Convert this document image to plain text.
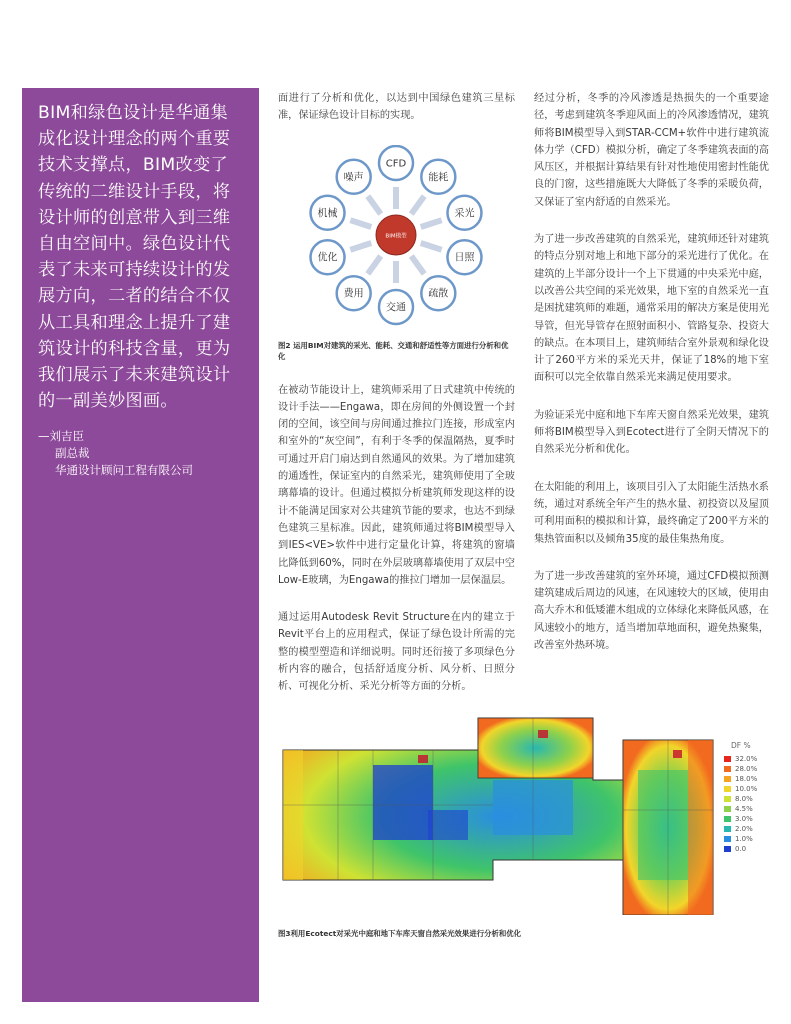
BIM和绿色设计是华通集成化设计理念的两个重要技术支撑点，BIM改变了传统的二维设计手段，将设计师的创意带入到三维自由空间中。绿色设计代表了未来可持续设计的发展方向，二者的结合不仅从工具和理念上提升了建筑设计的科技含量，更为我们展示了未来建筑设计的一副美妙图画。

—刘吉臣
副总裁
华通设计顾问工程有限公司

面进行了分析和优化，以达到中国绿色建筑三星标准，保证绿色设计目标的实现。

CFD
能耗
采光
日照
疏散
交通
费用
优化
机械
噪声
BIM模型

图2 运用BIM对建筑的采光、能耗、交通和舒适性等方面进行分析和优化

在被动节能设计上，建筑师采用了日式建筑中传统的设计手法——Engawa，即在房间的外侧设置一个封闭的空间，该空间与房间通过推拉门连接，形成室内和室外的“灰空间”，有利于冬季的保温隔热，夏季时可通过开启门扇达到自然通风的效果。为了增加建筑的通透性，保证室内的自然采光，建筑师使用了全玻璃幕墙的设计。但通过模拟分析建筑师发现这样的设计不能满足国家对公共建筑节能的要求，也达不到绿色建筑三星标准。因此，建筑师通过将BIM模型导入到IES<VE>软件中进行定量化计算，将建筑的窗墙比降低到60%，同时在外层玻璃幕墙使用了双层中空Low-E玻璃，为Engawa的推拉门增加一层保温层。

通过运用Autodesk Revit Structure在内的建立于Revit平台上的应用程式，保证了绿色设计所需的完整的模型塑造和详细说明。同时还衍接了多项绿色分析内容的融合，包括舒适度分析、风分析、日照分析、可视化分析、采光分析等方面的分析。

经过分析，冬季的冷风渗透是热损失的一个重要途径，考虑到建筑冬季迎风面上的冷风渗透情况，建筑师将BIM模型导入到STAR-CCM+软件中进行建筑流体力学（CFD）模拟分析，确定了冬季建筑表面的高风压区，并根据计算结果有针对性地使用密封性能优良的门窗，这些措施既大大降低了冬季的采暖负荷，又保证了室内舒适的自然采光。

为了进一步改善建筑的自然采光，建筑师还针对建筑的特点分别对地上和地下部分的采光进行了优化。在建筑的上半部分设计一个上下贯通的中央采光中庭，以改善公共空间的采光效果，地下室的自然采光一直是困扰建筑师的难题，通常采用的解决方案是使用光导管，但光导管存在照射面积小、管路复杂、投资大的缺点。在本项目上，建筑师结合室外景观和绿化设计了260平方米的采光天井，保证了18%的地下室面积可以完全依靠自然采光来满足使用要求。

为验证采光中庭和地下车库天窗自然采光效果，建筑师将BIM模型导入到Ecotect进行了全阴天情况下的自然采光分析和优化。

在太阳能的利用上，该项目引入了太阳能生活热水系统，通过对系统全年产生的热水量、初投资以及屋顶可利用面积的模拟和计算，最终确定了200平方米的集热管面积以及倾角35度的最佳集热角度。

为了进一步改善建筑的室外环境，通过CFD模拟预测建筑建成后周边的风速，在风速较大的区域，使用由高大乔木和低矮灌木组成的立体绿化来降低风感，在风速较小的地方，适当增加草地面积，避免热聚集，改善室外热环境。

DF %
32.0%
28.0%
18.0%
10.0%
8.0%
4.5%
3.0%
2.0%
1.0%
0.0
图3利用Ecotect对采光中庭和地下车库天窗自然采光效果进行分析和优化
